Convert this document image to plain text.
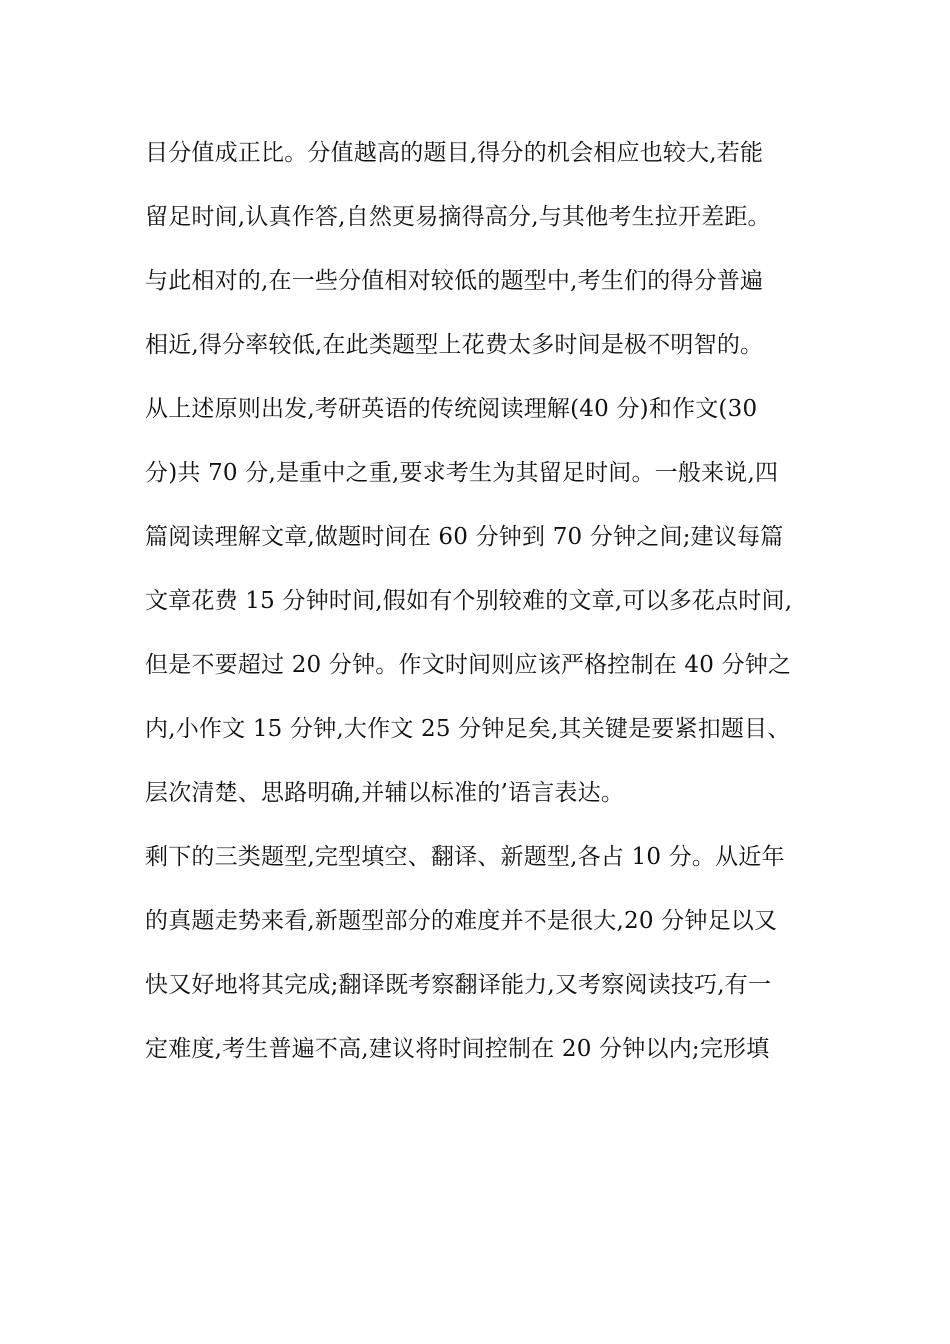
目分值成正比。分值越高的题目,得分的机会相应也较大,若能
留足时间,认真作答,自然更易摘得高分,与其他考生拉开差距。
与此相对的,在一些分值相对较低的题型中,考生们的得分普遍
相近,得分率较低,在此类题型上花费太多时间是极不明智的。
从上述原则出发,考研英语的传统阅读理解(40 分)和作文(30
分)共 70 分,是重中之重,要求考生为其留足时间。一般来说,四
篇阅读理解文章,做题时间在 60 分钟到 70 分钟之间;建议每篇
文章花费 15 分钟时间,假如有个别较难的文章,可以多花点时间,
但是不要超过 20 分钟。作文时间则应该严格控制在 40 分钟之
内,小作文 15 分钟,大作文 25 分钟足矣,其关键是要紧扣题目、
层次清楚、思路明确,并辅以标准的’语言表达。
剩下的三类题型,完型填空、翻译、新题型,各占 10 分。从近年
的真题走势来看,新题型部分的难度并不是很大,20 分钟足以又
快又好地将其完成;翻译既考察翻译能力,又考察阅读技巧,有一
定难度,考生普遍不高,建议将时间控制在 20 分钟以内;完形填
